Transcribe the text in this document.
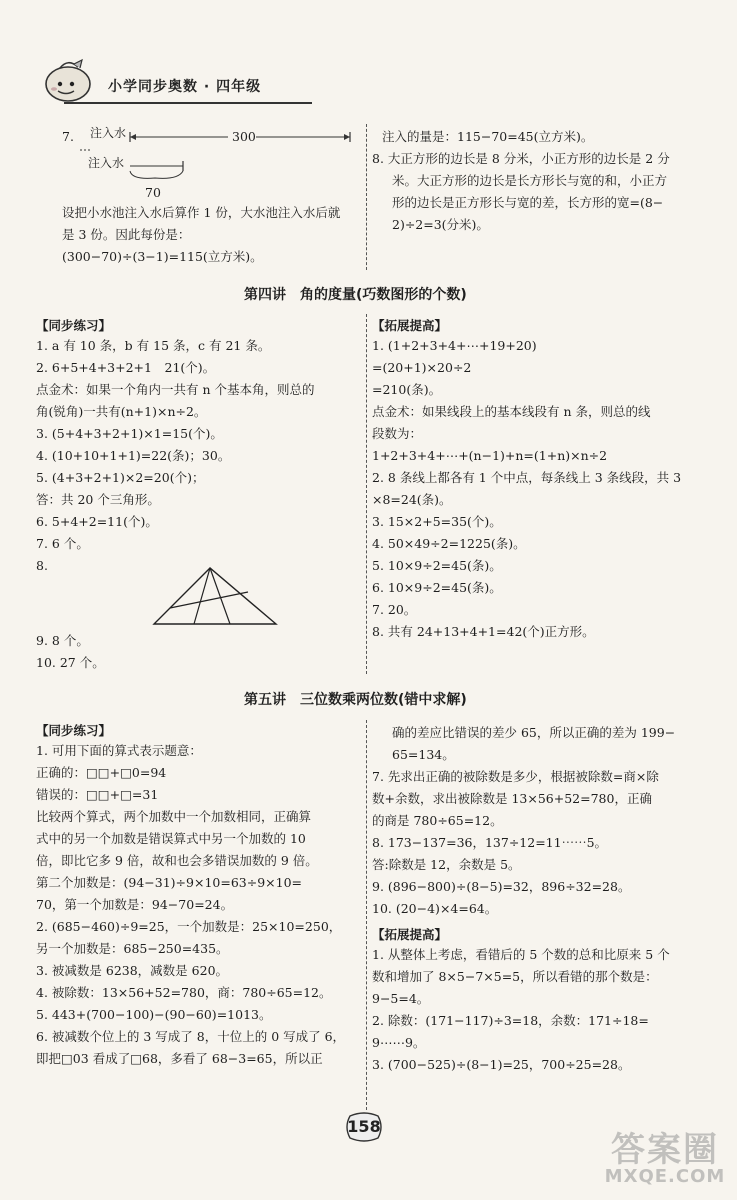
小学同步奥数 · 四年级
7. 注入水	300
注入水
70
设把小水池注入水后算作 1 份，大水池注入水后就
是 3 份。因此每份是：
(300−70)÷(3−1)=115(立方米)。
注入的量是：115−70=45(立方米)。
8. 大正方形的边长是 8 分米，小正方形的边长是 2 分
米。大正方形的边长是长方形长与宽的和，小正方
形的边长是正方形长与宽的差，长方形的宽=(8−
2)÷2=3(分米)。
第四讲　角的度量(巧数图形的个数)
【同步练习】	【拓展提高】
1. a 有 10 条，b 有 15 条，c 有 21 条。
2. 6+5+4+3+2+1　21(个)。
点金术：如果一个角内一共有 n 个基本角，则总的
角(锐角)一共有(n+1)×n÷2。
3. (5+4+3+2+1)×1=15(个)。
4. (10+10+1+1)=22(条)；30。
5. (4+3+2+1)×2=20(个)；
答：共 20 个三角形。
6. 5+4+2=11(个)。
7. 6 个。
8.
9. 8 个。
10. 27 个。
1. (1+2+3+4+⋯+19+20)
=(20+1)×20÷2
=210(条)。
点金术：如果线段上的基本线段有 n 条，则总的线
段数为：
1+2+3+4+⋯+(n−1)+n=(1+n)×n÷2
2. 8 条线上都各有 1 个中点，每条线上 3 条线段，共 3
×8=24(条)。
3. 15×2+5=35(个)。
4. 50×49÷2=1225(条)。
5. 10×9÷2=45(条)。
6. 10×9÷2=45(条)。
7. 20。
8. 共有 24+13+4+1=42(个)正方形。
第五讲　三位数乘两位数(错中求解)
【同步练习】
1. 可用下面的算式表示题意：
正确的：□□+□0=94
错误的：□□+□=31
比较两个算式，两个加数中一个加数相同，正确算
式中的另一个加数是错误算式中另一个加数的 10
倍，即比它多 9 倍，故和也会多错误加数的 9 倍。
第二个加数是：(94−31)÷9×10=63÷9×10=
70，第一个加数是：94−70=24。
2. (685−460)÷9=25，一个加数是：25×10=250，
另一个加数是：685−250=435。
3. 被减数是 6238，减数是 620。
4. 被除数：13×56+52=780，商：780÷65=12。
5. 443+(700−100)−(90−60)=1013。
6. 被减数个位上的 3 写成了 8，十位上的 0 写成了 6，
即把□03 看成了□68，多看了 68−3=65，所以正
确的差应比错误的差少 65，所以正确的差为 199−
65=134。
7. 先求出正确的被除数是多少，根据被除数=商×除
数+余数，求出被除数是 13×56+52=780，正确
的商是 780÷65=12。
8. 173−137=36，137÷12=11⋯⋯5。
答:除数是 12，余数是 5。
9. (896−800)÷(8−5)=32，896÷32=28。
10. (20−4)×4=64。
【拓展提高】
1. 从整体上考虑，看错后的 5 个数的总和比原来 5 个
数和增加了 8×5−7×5=5，所以看错的那个数是：
9−5=4。
2. 除数：(171−117)÷3=18，余数：171÷18=
9⋯⋯9。
3. (700−525)÷(8−1)=25，700÷25=28。
158
答案圈
MXQE.COM
